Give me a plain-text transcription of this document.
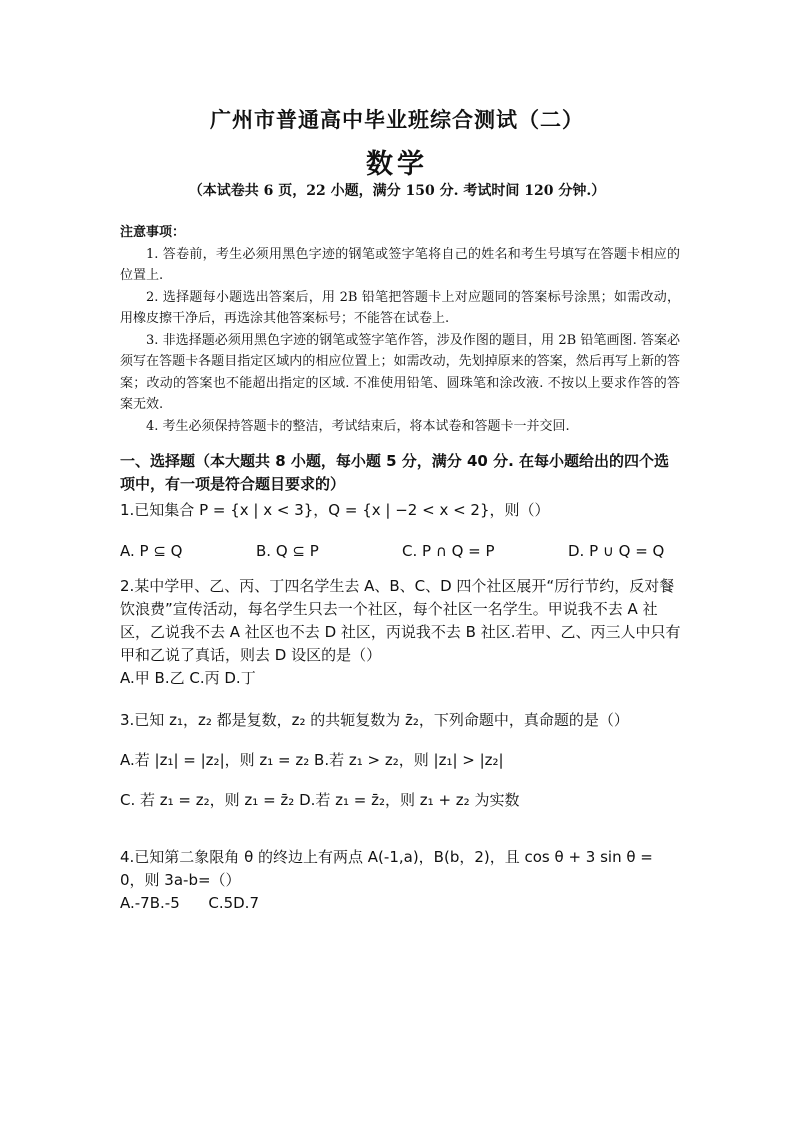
广州市普通高中毕业班综合测试（二）
数学
（本试卷共 6 页，22 小题，满分 150 分. 考试时间 120 分钟.）
注意事项：

1. 答卷前，考生必须用黑色字迹的钢笔或签字笔将自己的姓名和考生号填写在答题卡相应的位置上.

2. 选择题每小题选出答案后，用 2B 铅笔把答题卡上对应题同的答案标号涂黑；如需改动，用橡皮擦干净后，再选涂其他答案标号；不能答在试卷上.

3. 非选择题必须用黑色字迹的钢笔或签字笔作答，涉及作图的题目，用 2B 铅笔画图. 答案必须写在答题卡各题目指定区域内的相应位置上；如需改动，先划掉原来的答案，然后再写上新的答案；改动的答案也不能超出指定的区域. 不准使用铅笔、圆珠笔和涂改液. 不按以上要求作答的答案无效.

4. 考生必须保持答题卡的整洁，考试结束后，将本试卷和答题卡一并交回.

一、选择题（本大题共 8 小题，每小题 5 分，满分 40 分. 在每小题给出的四个选项中，有一项是符合题目要求的）
1.已知集合 P = {x | x < 3}，Q = {x | −2 < x < 2}，则（）
A. P ⊆ Q	B. Q ⊆ P	C. P ∩ Q = P	D. P ∪ Q = Q
2.某中学甲、乙、丙、丁四名学生去 A、B、C、D 四个社区展开“厉行节约，反对餐饮浪费”宣传活动，每名学生只去一个社区，每个社区一名学生。甲说我不去 A 社区，乙说我不去 A 社区也不去 D 社区，丙说我不去 B 社区.若甲、乙、丙三人中只有甲和乙说了真话，则去 D 设区的是（）
A.甲 B.乙 C.丙 D.丁
3.已知 z₁，z₂ 都是复数，z₂ 的共轭复数为 z̄₂，下列命题中，真命题的是（）
A.若 |z₁| = |z₂|，则 z₁ = z₂ B.若 z₁ > z₂，则 |z₁| > |z₂|
C. 若 z₁ = z₂，则 z₁ = z̄₂ D.若 z₁ = z̄₂，则 z₁ + z₂ 为实数
4.已知第二象限角 θ 的终边上有两点 A(-1,a)，B(b，2)，且 cos θ + 3 sin θ = 0，则 3a-b=（）
A.-7B.-5      C.5D.7
